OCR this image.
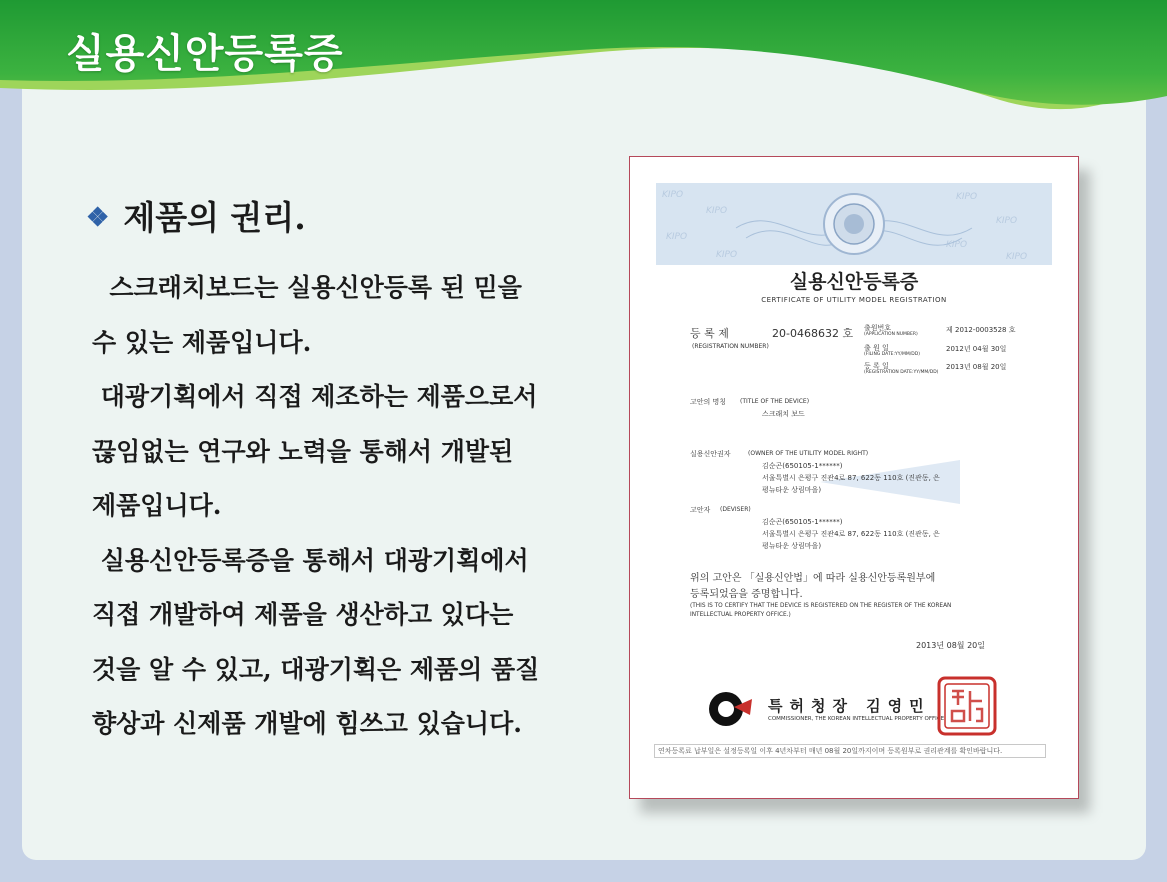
실용신안등록증
❖ 제품의 권리.
스크래치보드는 실용신안등록 된 믿을
수 있는 제품입니다.
대광기획에서 직접 제조하는 제품으로서
끊임없는 연구와 노력을 통해서 개발된
제품입니다.
실용신안등록증을 통해서 대광기획에서
직접 개발하여 제품을 생산하고 있다는
것을 알 수 있고, 대광기획은 제품의 품질
향상과 신제품 개발에 힘쓰고 있습니다.
KIPO
KIPO
KIPO
KIPO
KIPO
KIPO
KIPO
KIPO
실용신안등록증
CERTIFICATE OF UTILITY MODEL REGISTRATION
등 록 제	20-0468632 호
(REGISTRATION NUMBER)
출원번호
(APPLICATION NUMBER)
제 2012-0003528 호
출 원 일
(FILING DATE:YY/MM/DD)
2012년 04월 30일
등 록 일
(REGISTRATION DATE:YY/MM/DD)
2013년 08월 20일
고안의 명칭 (TITLE OF THE DEVICE)
스크래치 보드
실용신안권자	(OWNER OF THE UTILITY MODEL RIGHT)
김순곤(650105-1******)
서울특별시 은평구 진관4로 87, 622동 110호 (진관동, 은
평뉴타운 상림마을)
고안자 (DEVISER)
김순곤(650105-1******)
서울특별시 은평구 진관4로 87, 622동 110호 (진관동, 은
평뉴타운 상림마을)
위의 고안은 「실용신안법」에 따라 실용신안등록원부에
등록되었음을 증명합니다.
(THIS IS TO CERTIFY THAT THE DEVICE IS REGISTERED ON THE REGISTER OF THE KOREAN
INTELLECTUAL PROPERTY OFFICE.)
2013년 08월 20일
특허청장 김영민
COMMISSIONER, THE KOREAN INTELLECTUAL PROPERTY OFFICE
연차등록료 납부일은 설정등록일 이후 4년차부터 매년 08월 20일까지이며 등록원부로 권리관계를 확인바랍니다.
